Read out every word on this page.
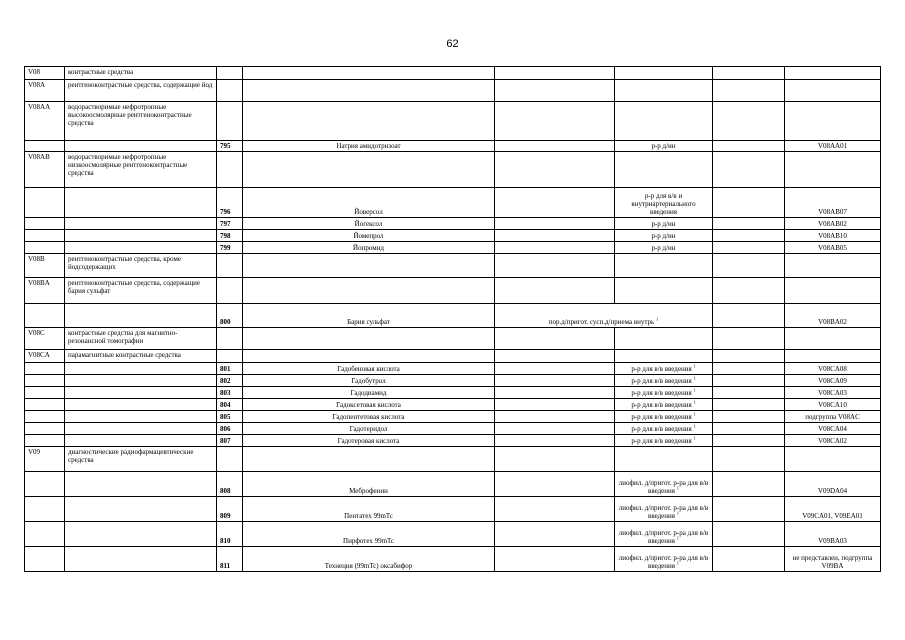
62
V08	контрастные средства						
V08A	рентгеноконтрастные средства, содержащие йод						
V08AA	водорастворимые нефротропные высокоосмолярные рентгеноконтрастные средства						
		795	Натрия амидотризоат		р-р д/ин		V08AA01
V08AB	водорастворимые нефротропные низкоосмолярные рентгеноконтрастные средства						
		796	Йоверсол		р-р для в/в и внутриартериального введения		V08AB07
		797	Йогексол		р-р д/ин		V08AB02
		798	Йомепрол		р-р д/ин		V08AB10
		799	Йопромид		р-р д/ин		V08AB05
V08B	рентгеноконтрастные средства, кроме йодсодержащих						
V08BA	рентгеноконтрастные средства, содержащие бария сульфат						
		800	Бария сульфат	пор.д/пригот. сусп.д/приема внутрь $^1$			V08BA02
V08C	контрастные средства для магнитно-резонансной томографии						
V08CA	парамагнитные контрастные средства						
		801	Гадобеновая кислота		р-р для в/в введения $^1$		V08CA08
		802	Гадобутрол		р-р для в/в введения $^1$		V08CA09
		803	Гадодиамид		р-р для в/в введения $^1$		V08CA03
		804	Гадоксетовая кислота		р-р для в/в введения $^1$		V08CA10
		805	Гадопентетовая кислота		р-р для в/в введения $^1$		подгруппа V08AC
		806	Гадотеридол		р-р для в/в введения $^1$		V08CA04
		807	Гадотеровая кислота		р-р для в/в введения $^1$		V08CA02
V09	диагностические радиофармацевтические средства						
		808	Меброфенин		лиофил. д/пригот. р-ра для в/в введения $^1$		V09DA04
		809	Пентатех 99mTc		лиофил. д/пригот. р-ра для в/в введения $^1$		V09CA01, V09EA01
		810	Пирфотех 99mTc		лиофил. д/пригот. р-ра для в/в введения $^1$		V09BA03
		811	Технеция (99mTc) оксабифор		лиофил. д/пригот. р-ра для в/в введения $^1$		не представлен, подгруппа V09BA
